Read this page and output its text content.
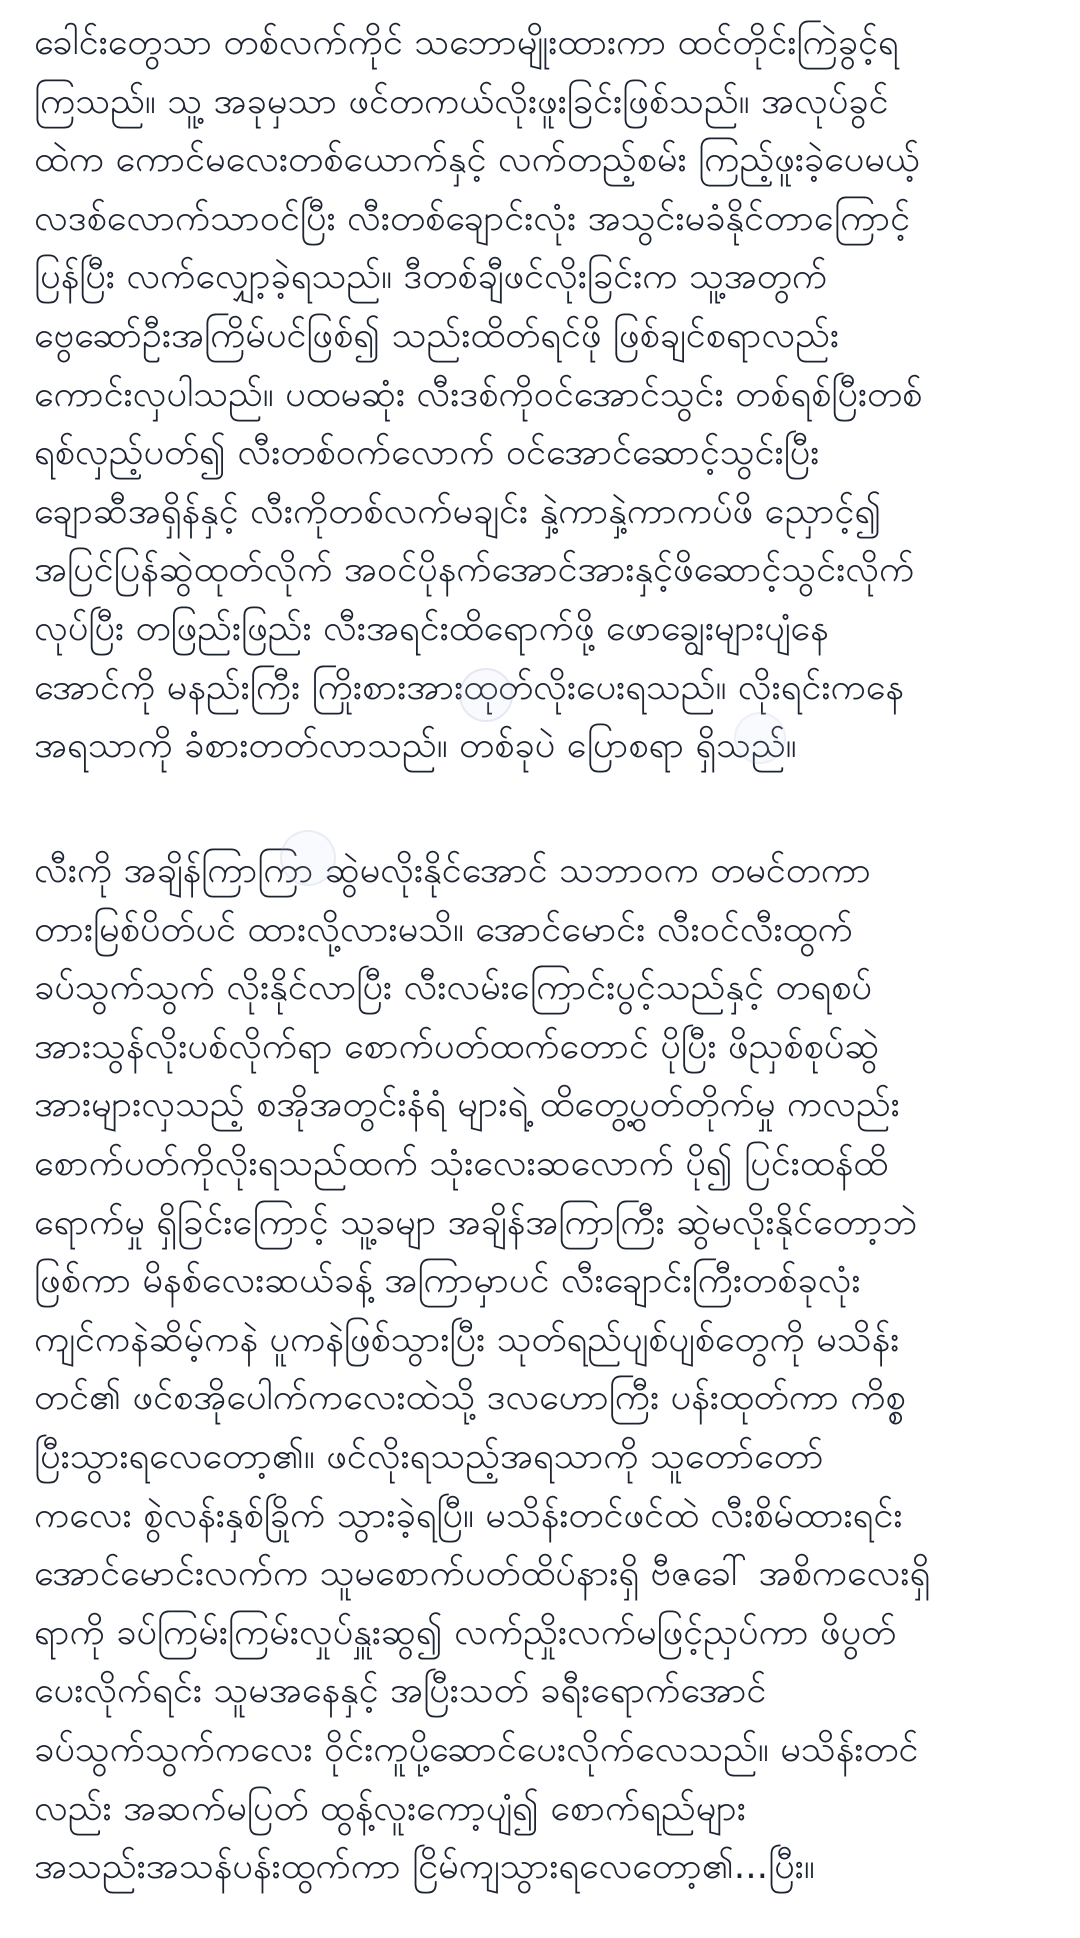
ခေါင်းတွေသာ တစ်လက်ကိုင် သဘောမျိုးထားကာ ထင်တိုင်းကြဲခွင့်ရ
ကြသည်။ သူ့ အခုမှသာ ဖင်တကယ်လိုးဖူးခြင်းဖြစ်သည်။ အလုပ်ခွင်
ထဲက ကောင်မလေးတစ်ယောက်နှင့် လက်တည့်စမ်း ကြည့်ဖူးခဲ့ပေမယ့်
လဒစ်လောက်သာဝင်ပြီး လီးတစ်ချောင်းလုံး အသွင်းမခံနိုင်တာကြောင့်
ပြန်ပြီး လက်လျှော့ခဲ့ရသည်။ ဒီတစ်ချီဖင်လိုးခြင်းက သူ့အတွက်
ဗွေဆော်ဦးအကြိမ်ပင်ဖြစ်၍ သည်းထိတ်ရင်ဖို ဖြစ်ချင်စရာလည်း
ကောင်းလှပါသည်။ ပထမဆုံး လီးဒစ်ကိုဝင်အောင်သွင်း တစ်ရစ်ပြီးတစ်
ရစ်လှည့်ပတ်၍ လီးတစ်ဝက်လောက် ဝင်အောင်ဆောင့်သွင်းပြီး
ချောဆီအရှိန်နှင့် လီးကိုတစ်လက်မချင်း နှဲ့ကာနှဲ့ကာကပ်ဖိ ညှောင့်၍
အပြင်ပြန်ဆွဲထုတ်လိုက် အဝင်ပိုနက်အောင်အားနှင့်ဖိဆောင့်သွင်းလိုက်
လုပ်ပြီး တဖြည်းဖြည်း လီးအရင်းထိရောက်ဖို့ ဖောချွေးများပျံနေ
အောင်ကို မနည်းကြီး ကြိုးစားအားထုတ်လိုးပေးရသည်။ လိုးရင်းကနေ
အရသာကို ခံစားတတ်လာသည်။ တစ်ခုပဲ ပြောစရာ ရှိသည်။
လီးကို အချိန်ကြာကြာ ဆွဲမလိုးနိုင်အောင် သဘာဝက တမင်တကာ
တားမြစ်ပိတ်ပင် ထားလို့လားမသိ။ အောင်မောင်း လီးဝင်လီးထွက်
ခပ်သွက်သွက် လိုးနိုင်လာပြီး လီးလမ်းကြောင်းပွင့်သည်နှင့် တရစပ်
အားသွန်လိုးပစ်လိုက်ရာ စောက်ပတ်ထက်တောင် ပိုပြီး ဖိညှစ်စုပ်ဆွဲ
အားများလှသည့် စအိုအတွင်းနံရံ များရဲ့ ထိတွေ့ပွတ်တိုက်မှု ကလည်း
စောက်ပတ်ကိုလိုးရသည်ထက် သုံးလေးဆလောက် ပို၍ ပြင်းထန်ထိ
ရောက်မှု ရှိခြင်းကြောင့် သူ့ခမျာ အချိန်အကြာကြီး ဆွဲမလိုးနိုင်တော့ဘဲ
ဖြစ်ကာ မိနစ်လေးဆယ်ခန့် အကြာမှာပင် လီးချောင်းကြီးတစ်ခုလုံး
ကျင်ကနဲဆိမ့်ကနဲ ပူကနဲဖြစ်သွားပြီး သုတ်ရည်ပျစ်ပျစ်တွေကို မသိန်း
တင်၏ ဖင်စအိုပေါက်ကလေးထဲသို့ ဒလဟောကြီး ပန်းထုတ်ကာ ကိစ္စ
ပြီးသွားရလေတော့၏။ ဖင်လိုးရသည့်အရသာကို သူတော်တော်
ကလေး စွဲလန်းနှစ်ခြိုက် သွားခဲ့ရပြီ။ မသိန်းတင်ဖင်ထဲ လီးစိမ်ထားရင်း
အောင်မောင်းလက်က သူမစောက်ပတ်ထိပ်နားရှိ ဗီဇခေါ် အစိကလေးရှိ
ရာကို ခပ်ကြမ်းကြမ်းလှုပ်နှူးဆွ၍ လက်ညှိုးလက်မဖြင့်ညှပ်ကာ ဖိပွတ်
ပေးလိုက်ရင်း သူမအနေနှင့် အပြီးသတ် ခရီးရောက်အောင်
ခပ်သွက်သွက်ကလေး ဝိုင်းကူပို့ဆောင်ပေးလိုက်လေသည်။ မသိန်းတင်
လည်း အဆက်မပြတ် ထွန့်လူးကော့ပျံ၍ စောက်ရည်များ
အသည်းအသန်ပန်းထွက်ကာ ငြိမ်ကျသွားရလေတော့၏...ပြီး။
